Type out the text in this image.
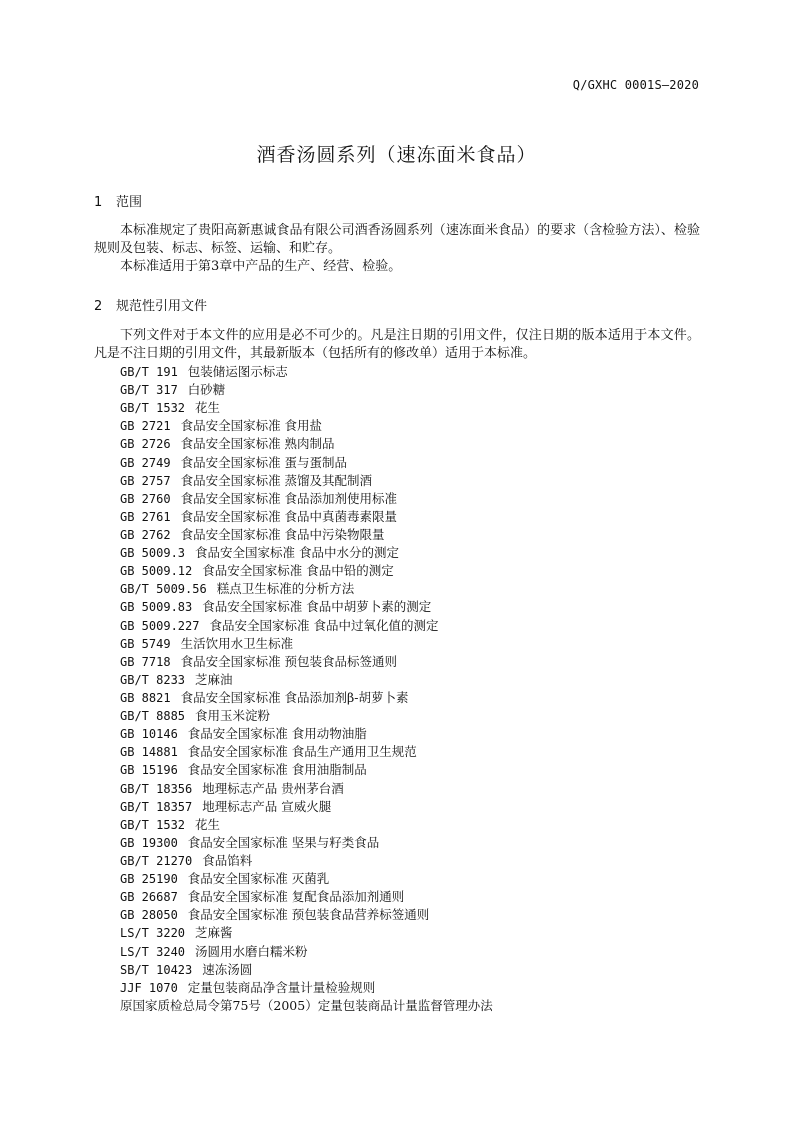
Q/GXHC 0001S—2020
酒香汤圆系列（速冻面米食品）
1 范围

本标准规定了贵阳高新惠诚食品有限公司酒香汤圆系列（速冻面米食品）的要求（含检验方法）、检验规则及包装、标志、标签、运输、和贮存。

本标准适用于第3章中产品的生产、经营、检验。

2 规范性引用文件

下列文件对于本文件的应用是必不可少的。凡是注日期的引用文件，仅注日期的版本适用于本文件。凡是不注日期的引用文件，其最新版本（包括所有的修改单）适用于本标准。

GB/T 191 包装储运图示标志
GB/T 317 白砂糖
GB/T 1532 花生
GB 2721 食品安全国家标准 食用盐
GB 2726 食品安全国家标准 熟肉制品
GB 2749 食品安全国家标准 蛋与蛋制品
GB 2757 食品安全国家标准 蒸馏及其配制酒
GB 2760 食品安全国家标准 食品添加剂使用标准
GB 2761 食品安全国家标准 食品中真菌毒素限量
GB 2762 食品安全国家标准 食品中污染物限量
GB 5009.3 食品安全国家标准 食品中水分的测定
GB 5009.12 食品安全国家标准 食品中铅的测定
GB/T 5009.56 糕点卫生标准的分析方法
GB 5009.83 食品安全国家标准 食品中胡萝卜素的测定
GB 5009.227 食品安全国家标准 食品中过氧化值的测定
GB 5749 生活饮用水卫生标准
GB 7718 食品安全国家标准 预包装食品标签通则
GB/T 8233 芝麻油
GB 8821 食品安全国家标准 食品添加剂β-胡萝卜素
GB/T 8885 食用玉米淀粉
GB 10146 食品安全国家标准 食用动物油脂
GB 14881 食品安全国家标准 食品生产通用卫生规范
GB 15196 食品安全国家标准 食用油脂制品
GB/T 18356 地理标志产品 贵州茅台酒
GB/T 18357 地理标志产品 宣威火腿
GB/T 1532 花生
GB 19300 食品安全国家标准 坚果与籽类食品
GB/T 21270 食品馅料
GB 25190 食品安全国家标准 灭菌乳
GB 26687 食品安全国家标准 复配食品添加剂通则
GB 28050 食品安全国家标准 预包装食品营养标签通则
LS/T 3220 芝麻酱
LS/T 3240 汤圆用水磨白糯米粉
SB/T 10423 速冻汤圆
JJF 1070 定量包装商品净含量计量检验规则
原国家质检总局令第75号（2005）定量包装商品计量监督管理办法
